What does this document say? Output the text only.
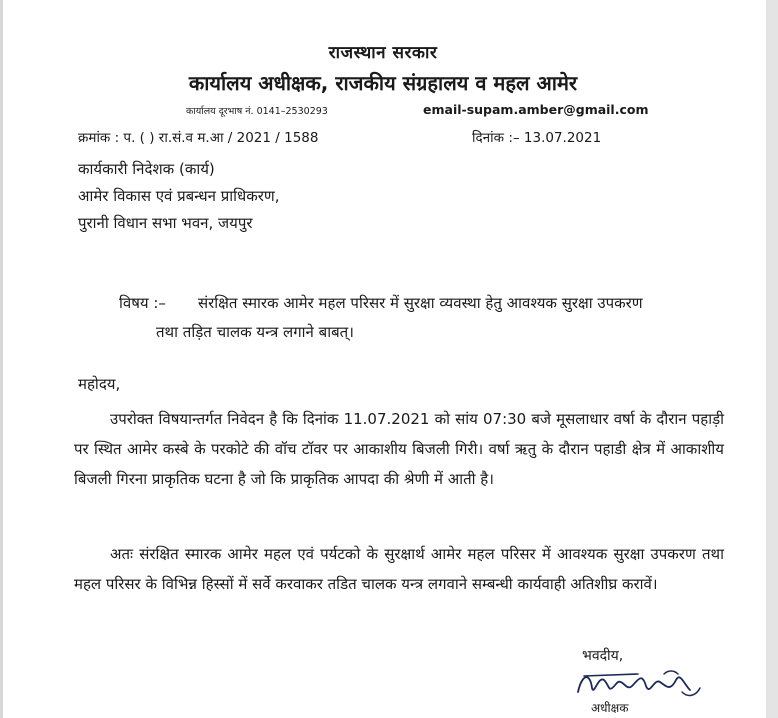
राजस्थान सरकार
कार्यालय अधीक्षक, राजकीय संग्रहालय व महल आमेर
कार्यालय दूरभाष नं. 0141–2530293	email-supam.amber@gmail.com
क्रमांक : प. ( ) रा.सं.व म.आ / 2021 / 1588	दिनांक :– 13.07.2021
कार्यकारी निदेशक (कार्य)
आमेर विकास एवं प्रबन्धन प्राधिकरण,
पुरानी विधान सभा भवन, जयपुर
विषय :– संरक्षित स्मारक आमेर महल परिसर में सुरक्षा व्यवस्था हेतु आवश्यक सुरक्षा उपकरण
तथा तड़ित चालक यन्त्र लगाने बाबत्।
महोदय,
उपरोक्त विषयान्तर्गत निवेदन है कि दिनांक 11.07.2021 को सांय 07:30 बजे मूसलाधार वर्षा के दौरान पहाड़ी पर स्थित आमेर कस्बे के परकोटे की वॉच टॉवर पर आकाशीय बिजली गिरी। वर्षा ऋतु के दौरान पहाडी क्षेत्र में आकाशीय बिजली गिरना प्राकृतिक घटना है जो कि प्राकृतिक आपदा की श्रेणी में आती है।
अतः संरक्षित स्मारक आमेर महल एवं पर्यटको के सुरक्षार्थ आमेर महल परिसर में आवश्यक सुरक्षा उपकरण तथा महल परिसर के विभिन्न हिस्सों में सर्वे करवाकर तडित चालक यन्त्र लगवाने सम्बन्धी कार्यवाही अतिशीघ्र करावें।
भवदीय,
अधीक्षक
